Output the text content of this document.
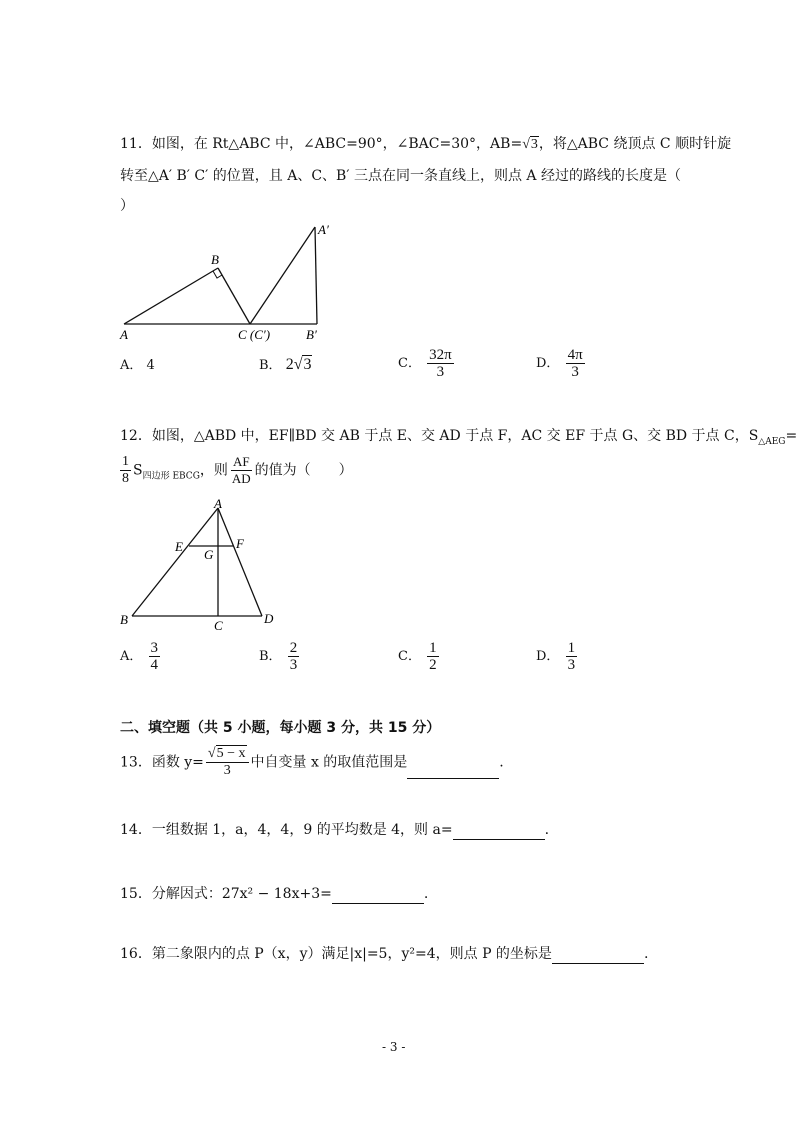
11．如图，在 Rt△ABC 中，∠ABC=90°，∠BAC=30°，AB=√3，将△ABC 绕顶点 C 顺时针旋
转至△A′ B′ C′ 的位置，且 A、C、B′ 三点在同一条直线上，则点 A 经过的路线的长度是（
）
A
B
C (C′)	B′
A′
A． 4	B． 2√3	C． $\frac{32\pi}{3}$	D． $\frac{4\pi}{3}$
12．如图，△ABD 中，EF∥BD 交 AB 于点 E、交 AD 于点 F，AC 交 EF 于点 G、交 BD 于点 C，$S_{\triangle AEG}=$
$\frac{1}{8} S_{四边形 EBCG}$，则 $\frac{AF}{AD}$ 的值为（　　）
A
E	F
G
B	C	D
A． $\frac{3}{4}$	B． $\frac{2}{3}$	C． $\frac{1}{2}$	D． $\frac{1}{3}$
二、填空题（共 5 小题，每小题 3 分，共 15 分）
13．函数 $y= \frac{√5 - x}{3}$ 中自变量 x 的取值范围是	.
14．一组数据 1，a，4，4，9 的平均数是 4，则 a=	.
15．分解因式：27x² − 18x+3=	.
16．第二象限内的点 P（x，y）满足|x|=5，y²=4，则点 P 的坐标是	.
- 3 -
